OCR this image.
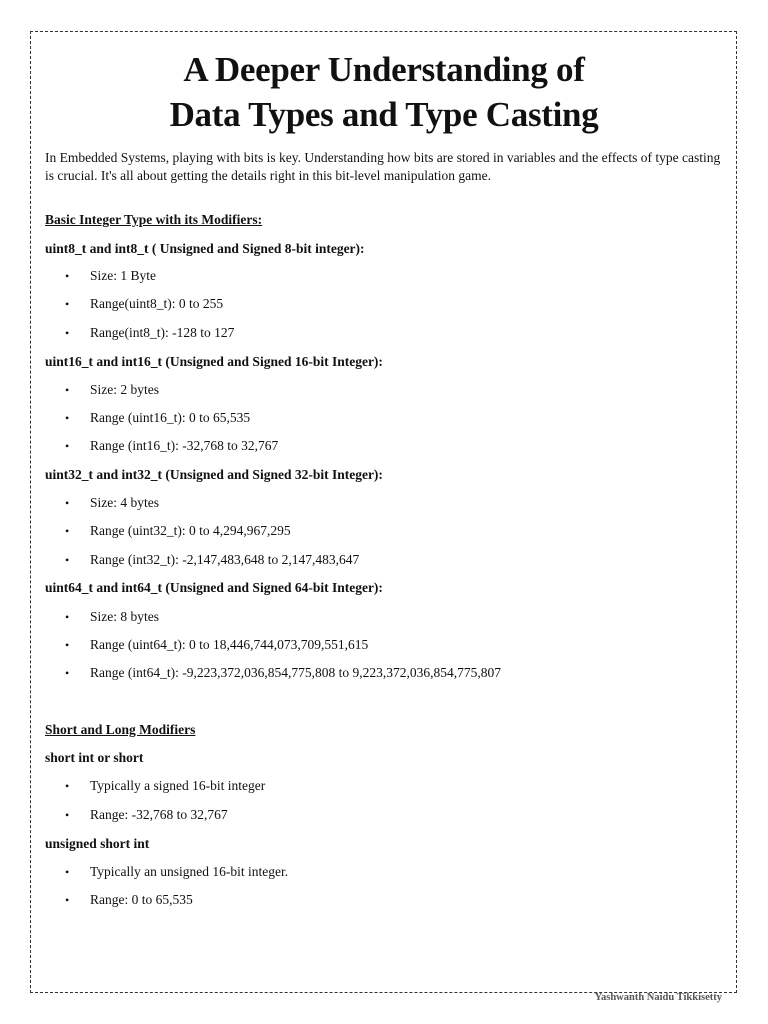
A Deeper Understanding of
Data Types and Type Casting

In Embedded Systems, playing with bits is key. Understanding how bits are stored in variables and the effects of type casting is crucial. It's all about getting the details right in this bit-level manipulation game.

Basic Integer Type with its Modifiers:

uint8_t and int8_t ( Unsigned and Signed 8-bit integer):

• Size: 1 Byte

• Range(uint8_t): 0 to 255

• Range(int8_t): -128 to 127

uint16_t and int16_t (Unsigned and Signed 16-bit Integer):

• Size: 2 bytes

• Range (uint16_t): 0 to 65,535

• Range (int16_t): -32,768 to 32,767

uint32_t and int32_t (Unsigned and Signed 32-bit Integer):

• Size: 4 bytes

• Range (uint32_t): 0 to 4,294,967,295

• Range (int32_t): -2,147,483,648 to 2,147,483,647

uint64_t and int64_t (Unsigned and Signed 64-bit Integer):

• Size: 8 bytes

• Range (uint64_t): 0 to 18,446,744,073,709,551,615

• Range (int64_t): -9,223,372,036,854,775,808 to 9,223,372,036,854,775,807

Short and Long Modifiers

short int or short

• Typically a signed 16-bit integer

• Range: -32,768 to 32,767

unsigned short int

• Typically an unsigned 16-bit integer.

• Range: 0 to 65,535

Yashwanth Naidu Tikkisetty
